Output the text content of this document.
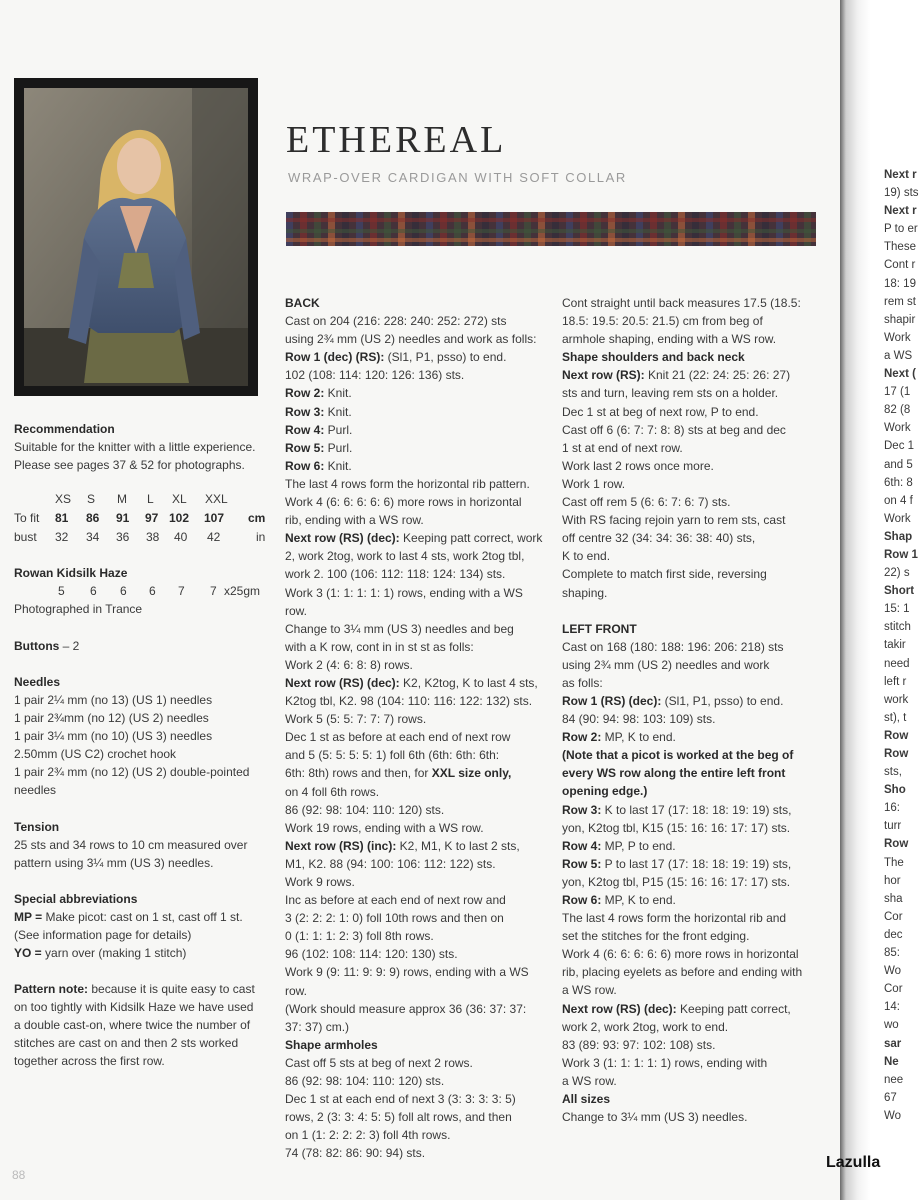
ETHEREAL
WRAP-OVER CARDIGAN WITH SOFT COLLAR
Recommendation
Suitable for the knitter with a little experience.
Please see pages 37 & 52 for photographs.
XS S M L XL XXL
To fit 81 86 91 97 102 107 cm
bust 32 34 36 38 40 42	in
Rowan Kidsilk Haze
5 6 6 6 7 7 x25gm
Photographed in Trance
Buttons – 2
Needles
1 pair 2¼ mm (no 13) (US 1) needles
1 pair 2¾mm (no 12) (US 2) needles
1 pair 3¼ mm (no 10) (US 3) needles
2.50mm (US C2) crochet hook
1 pair 2¾ mm (no 12) (US 2) double-pointed
needles
Tension
25 sts and 34 rows to 10 cm measured over
pattern using 3¼ mm (US 3) needles.
Special abbreviations
MP = Make picot: cast on 1 st, cast off 1 st.
(See information page for details)
YO = yarn over (making 1 stitch)
Pattern note: because it is quite easy to cast
on too tightly with Kidsilk Haze we have used
a double cast-on, where twice the number of
stitches are cast on and then 2 sts worked
together across the first row.
BACK
Cast on 204 (216: 228: 240: 252: 272) sts
using 2¾ mm (US 2) needles and work as folls:
Row 1 (dec) (RS): (Sl1, P1, psso) to end.
102 (108: 114: 120: 126: 136) sts.
Row 2: Knit.
Row 3: Knit.
Row 4: Purl.
Row 5: Purl.
Row 6: Knit.
The last 4 rows form the horizontal rib pattern.
Work 4 (6: 6: 6: 6: 6) more rows in horizontal
rib, ending with a WS row.
Next row (RS) (dec): Keeping patt correct, work
2, work 2tog, work to last 4 sts, work 2tog tbl,
work 2. 100 (106: 112: 118: 124: 134) sts.
Work 3 (1: 1: 1: 1: 1) rows, ending with a WS row.
Change to 3¼ mm (US 3) needles and beg
with a K row, cont in in st st as folls:
Work 2 (4: 6: 8: 8) rows.
Next row (RS) (dec): K2, K2tog, K to last 4 sts,
K2tog tbl, K2. 98 (104: 110: 116: 122: 132) sts.
Work 5 (5: 5: 7: 7: 7) rows.
Dec 1 st as before at each end of next row
and 5 (5: 5: 5: 5: 1) foll 6th (6th: 6th: 6th:
6th: 8th) rows and then, for XXL size only,
on 4 foll 6th rows.
86 (92: 98: 104: 110: 120) sts.
Work 19 rows, ending with a WS row.
Next row (RS) (inc): K2, M1, K to last 2 sts,
M1, K2. 88 (94: 100: 106: 112: 122) sts.
Work 9 rows.
Inc as before at each end of next row and
3 (2: 2: 2: 1: 0) foll 10th rows and then on
0 (1: 1: 1: 2: 3) foll 8th rows.
96 (102: 108: 114: 120: 130) sts.
Work 9 (9: 11: 9: 9: 9) rows, ending with a WS row.
(Work should measure approx 36 (36: 37: 37:
37: 37) cm.)
Shape armholes
Cast off 5 sts at beg of next 2 rows.
86 (92: 98: 104: 110: 120) sts.
Dec 1 st at each end of next 3 (3: 3: 3: 3: 5)
rows, 2 (3: 3: 4: 5: 5) foll alt rows, and then
on 1 (1: 2: 2: 2: 3) foll 4th rows.
74 (78: 82: 86: 90: 94) sts.
Cont straight until back measures 17.5 (18.5:
18.5: 19.5: 20.5: 21.5) cm from beg of
armhole shaping, ending with a WS row.
Shape shoulders and back neck
Next row (RS): Knit 21 (22: 24: 25: 26: 27)
sts and turn, leaving rem sts on a holder.
Dec 1 st at beg of next row, P to end.
Cast off 6 (6: 7: 7: 8: 8) sts at beg and dec
1 st at end of next row.
Work last 2 rows once more.
Work 1 row.
Cast off rem 5 (6: 6: 7: 6: 7) sts.
With RS facing rejoin yarn to rem sts, cast
off centre 32 (34: 34: 36: 38: 40) sts,
K to end.
Complete to match first side, reversing
shaping.
LEFT FRONT
Cast on 168 (180: 188: 196: 206: 218) sts
using 2¾ mm (US 2) needles and work
as folls:
Row 1 (RS) (dec): (Sl1, P1, psso) to end.
84 (90: 94: 98: 103: 109) sts.
Row 2: MP, K to end.
(Note that a picot is worked at the beg of
every WS row along the entire left front
opening edge.)
Row 3: K to last 17 (17: 18: 18: 19: 19) sts,
yon, K2tog tbl, K15 (15: 16: 16: 17: 17) sts.
Row 4: MP, P to end.
Row 5: P to last 17 (17: 18: 18: 19: 19) sts,
yon, K2tog tbl, P15 (15: 16: 16: 17: 17) sts.
Row 6: MP, K to end.
The last 4 rows form the horizontal rib and
set the stitches for the front edging.
Work 4 (6: 6: 6: 6: 6) more rows in horizontal
rib, placing eyelets as before and ending with
a WS row.
Next row (RS) (dec): Keeping patt correct,
work 2, work 2tog, work to end.
83 (89: 93: 97: 102: 108) sts.
Work 3 (1: 1: 1: 1: 1) rows, ending with
a WS row.
All sizes
Change to 3¼ mm (US 3) needles.
Next r
19) sts
Next r
P to er
These
Cont r
18: 19
rem st
shapir
Work
a WS
Next (
17 (1
82 (8
Work
Dec 1
and 5
6th: 8
on 4 f
Work
Shap
Row 1
22) s
Short
15: 1
stitch
takir
need
left r
work
st), t
Row
Row
sts,
Sho
16:
turr
Row
The
hor
sha
Cor
dec
85:
Wo
Cor
14:
wo
sar
Ne
nee
67
Wo
88
Lazulla
